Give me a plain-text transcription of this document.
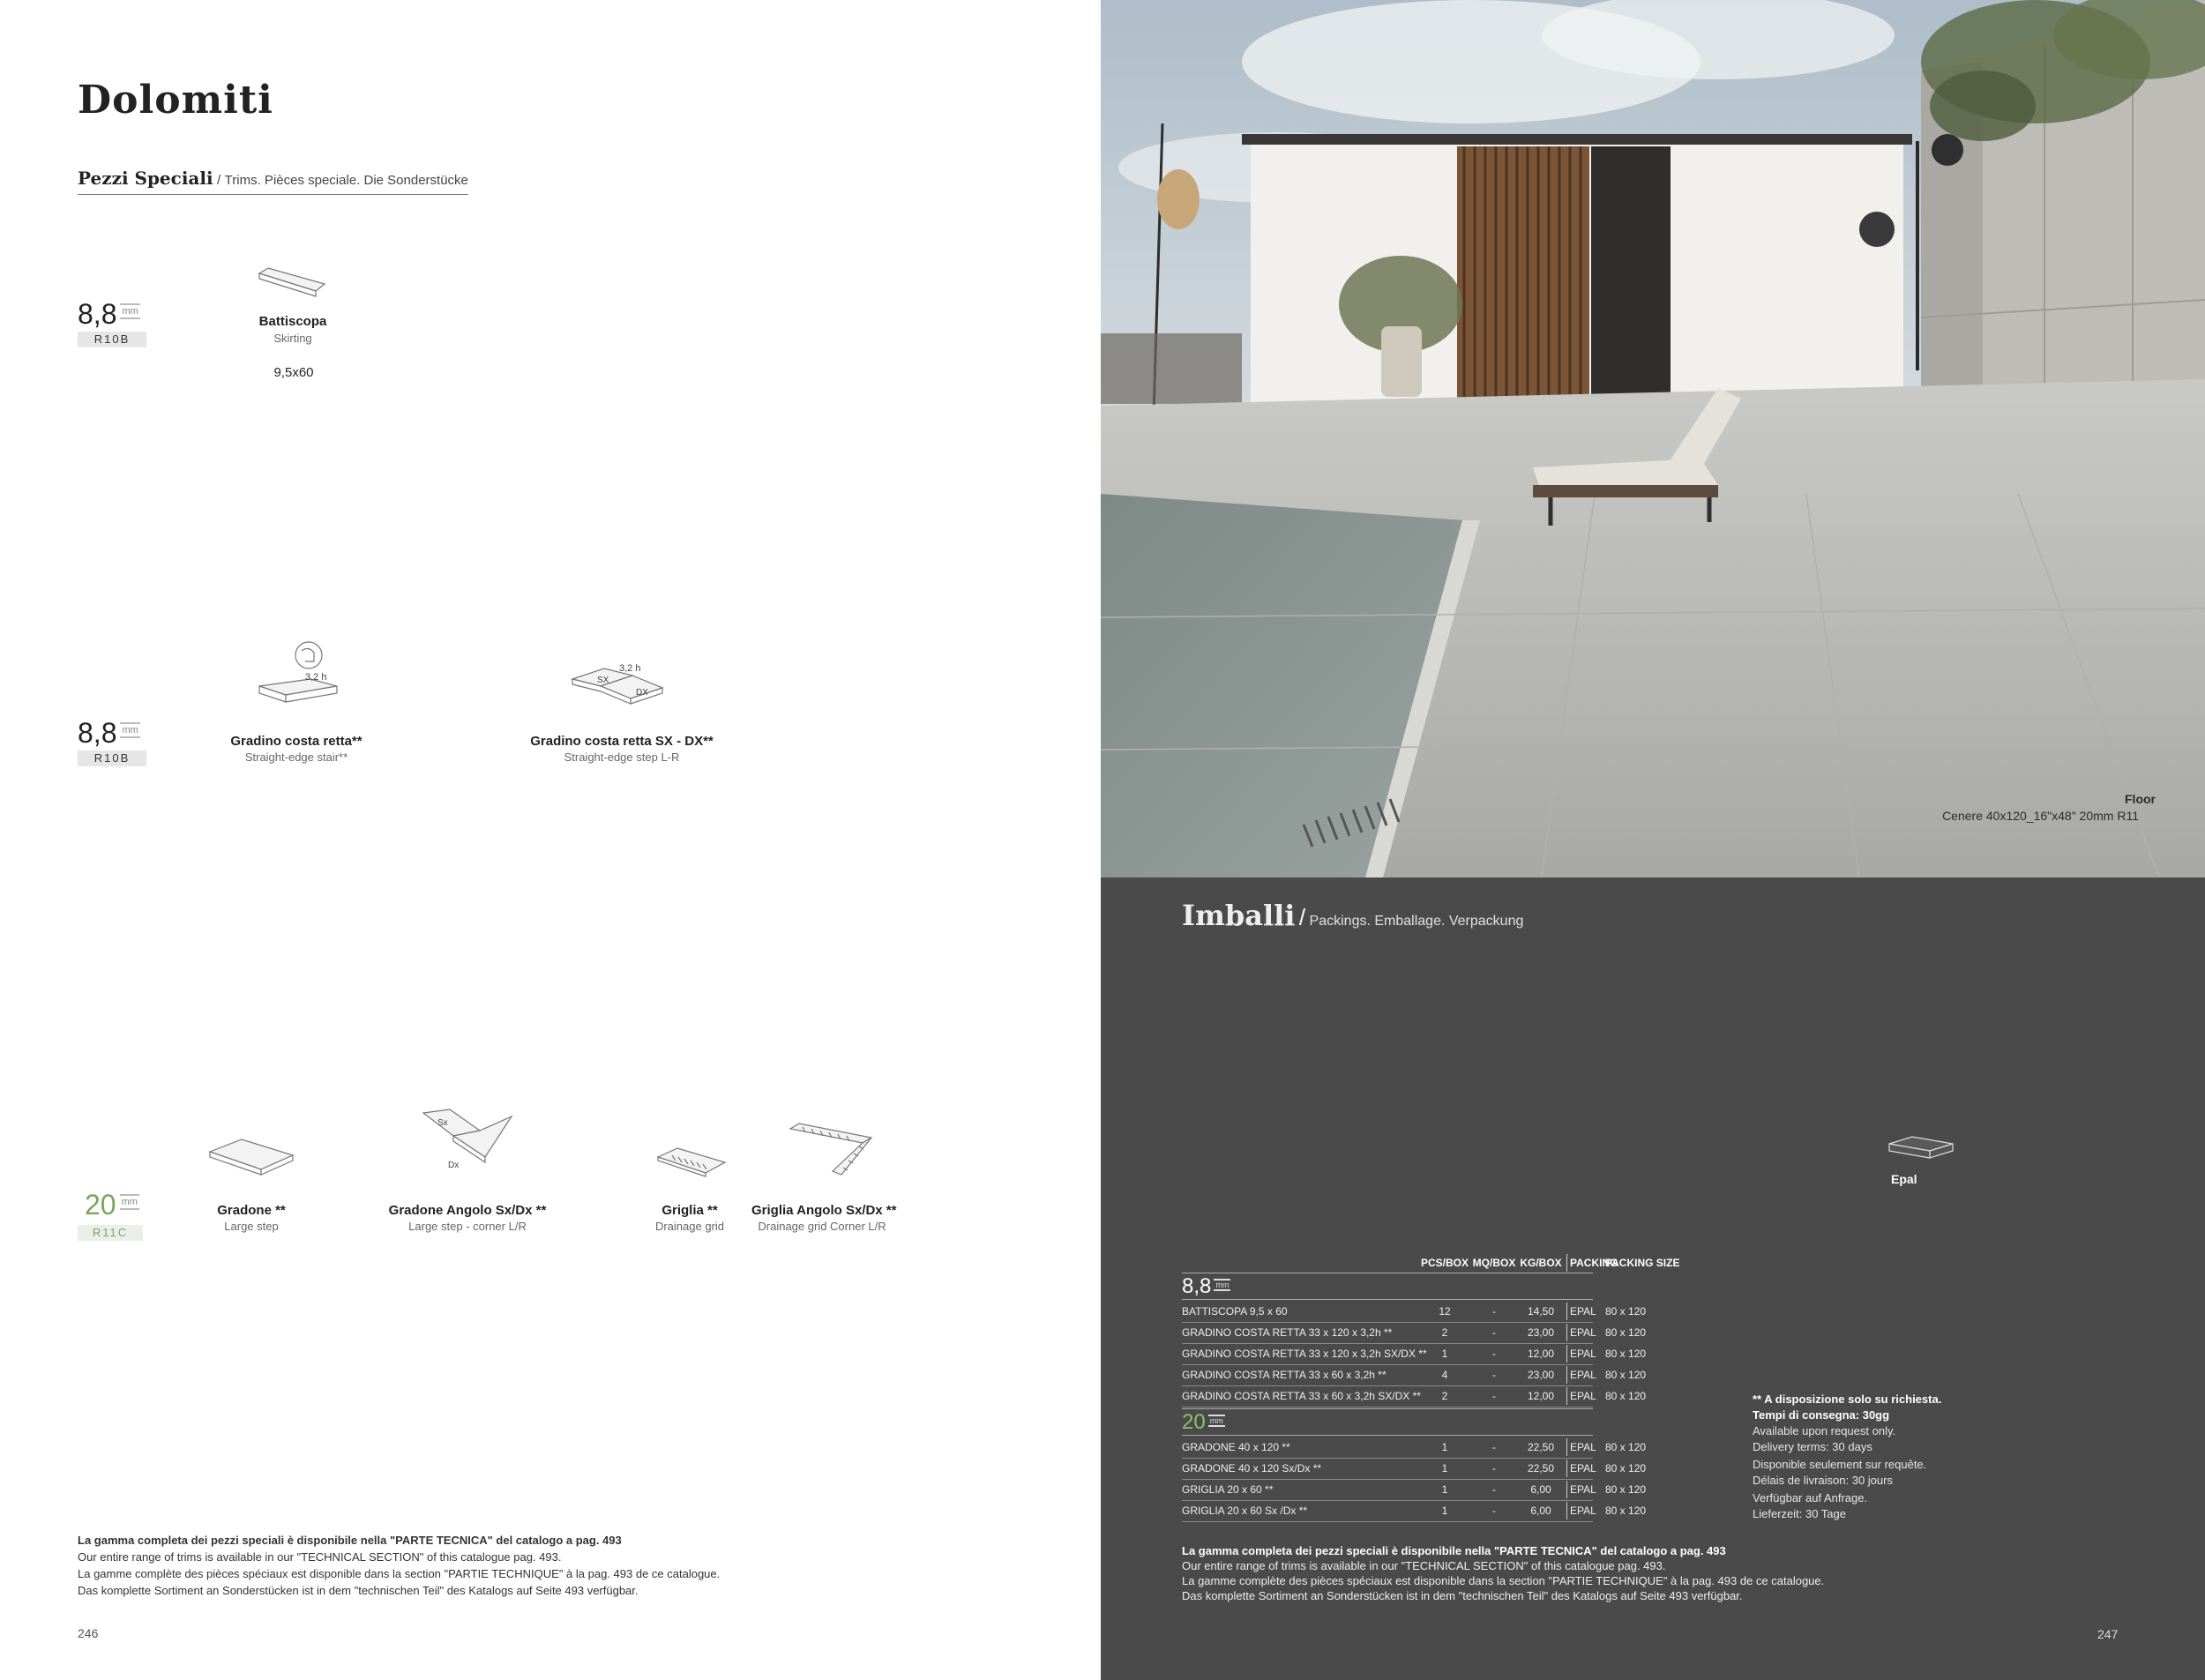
Dolomiti
Pezzi Speciali / Trims. Pièces speciale. Die Sonderstücke
8,8 mm
R10B
Battiscopa
Skirting
9,5x60
8,8 mm
R10B
3,2 h	SX
DX
3,2 h
Gradino costa retta**
Straight-edge stair**
Gradino costa retta SX - DX**
Straight-edge step L-R
20 mm
R11C
Sx
Dx
Gradone **
Large step
Gradone Angolo Sx/Dx **
Large step - corner L/R
Griglia **
Drainage grid
Griglia Angolo Sx/Dx **
Drainage grid Corner L/R
La gamma completa dei pezzi speciali è disponibile nella "PARTE TECNICA" del catalogo a pag. 493
Our entire range of trims is available in our "TECHNICAL SECTION" of this catalogue pag. 493.
La gamme complète des pièces spéciaux est disponible dans la section "PARTIE TECHNIQUE" à la pag. 493 de ce catalogue.
Das komplette Sortiment an Sonderstücken ist in dem "technischen Teil" des Katalogs auf Seite 493 verfügbar.
246
Floor
Cenere 40x120_16"x48" 20mm R11
Imballi / Packings. Emballage. Verpackung
Epal
PCS/BOX MQ/BOX KG/BOX PACKING
PACKING SIZE
8,8 mm
BATTISCOPA 9,5 x 60	12	-	14,50	EPAL 80 x 120
GRADINO COSTA RETTA 33 x 120 x 3,2h **	2	-	23,00	EPAL 80 x 120
GRADINO COSTA RETTA 33 x 120 x 3,2h SX/DX **	1	-	12,00	EPAL 80 x 120
GRADINO COSTA RETTA 33 x 60 x 3,2h **	4	-	23,00	EPAL 80 x 120
GRADINO COSTA RETTA 33 x 60 x 3,2h SX/DX **	2	-	12,00	EPAL 80 x 120
20 mm
GRADONE 40 x 120 **	1	-	22,50	EPAL 80 x 120
GRADONE 40 x 120 Sx/Dx **	1	-	22,50	EPAL 80 x 120
GRIGLIA 20 x 60 **	1	-	6,00	EPAL 80 x 120
GRIGLIA 20 x 60 Sx /Dx **	1	-	6,00	EPAL 80 x 120
** A disposizione solo su richiesta.
Tempi di consegna: 30gg
Available upon request only.
Delivery terms: 30 days
Disponible seulement sur requête.
Délais de livraison: 30 jours
Verfügbar auf Anfrage.
Lieferzeit: 30 Tage
La gamma completa dei pezzi speciali è disponibile nella "PARTE TECNICA" del catalogo a pag. 493
Our entire range of trims is available in our "TECHNICAL SECTION" of this catalogue pag. 493.
La gamme complète des pièces spéciaux est disponible dans la section "PARTIE TECHNIQUE" à la pag. 493 de ce catalogue.
Das komplette Sortiment an Sonderstücken ist in dem "technischen Teil" des Katalogs auf Seite 493 verfügbar.
247
